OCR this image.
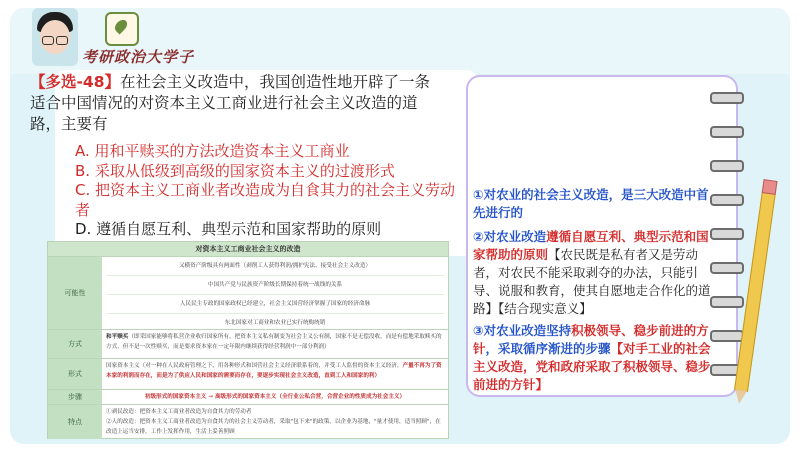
考研政治大学子
【多选-48】在社会主义改造中，我国创造性地开辟了一条适合中国情况的对资本主义工商业进行社会主义改造的道路，主要有
A. 用和平赎买的方法改造资本主义工商业
B. 采取从低级到高级的国家资本主义的过渡形式
C. 把资本主义工商业者改造成为自食其力的社会主义劳动者
D. 遵循自愿互利、典型示范和国家帮助的原则
①对农业的社会主义改造，是三大改造中首先进行的
②对农业改造遵循自愿互利、典型示范和国家帮助的原则【农民既是私有者又是劳动者，对农民不能采取剥夺的办法，只能引导、说服和教育，使其自愿地走合作化的道路】【结合现实意义】
③对农业改造坚持积极领导、稳步前进的方针，采取循序渐进的步骤【对手工业的社会主义改造，党和政府采取了积极领导、稳步前进的方针】
对资本主义工商业社会主义的改造
可能性
又横资产阶级具有两面性（剥削工人获得利润/拥护宪法、接受社会主义改造）
中国共产党与民族资产阶级长期保持着统一战线的关系
人民民主专政的国家政权已经建立，社会主义国营经济掌握了国家的经济命脉
东北国家对工商业和农业已实行统购统销
方式
和平赎买（即采国家能够将私营企业收归国家所有，把资本主义私有制变为社会主义公有制，国家不是无偿没收，而是有偿地采取赎买的方式，但不是一次性赎买，而是要求资本家在一定年限内继续获得经营利润中一部分利润）
形式
国家资本主义（对一种在人民政府管理之下，用各种形式和国营社会主义经济联系着的，并受工人监督的资本主义经济。产量不再为了资本家的利润而存在，而是为了供应人民和国家的需要而存在，要逐步实现社会主义改造，直到工人和国家的利）
步骤	初级形式的国家资本主义 → 高级形式的国家资本主义（全行业公私合营，合营企业的性质成为社会主义）
特点
①剥民改造：把资本主义工商业者改造为自食其力的劳动者
②人的改造：把资本主义工商业者改造为自食其力的社会主义劳动者，采取"包下来"的政策，以企业为基地，"量才使用，适当照顾"，在改造上运当安排，工作上发挥作用，生活上妥善照顾
